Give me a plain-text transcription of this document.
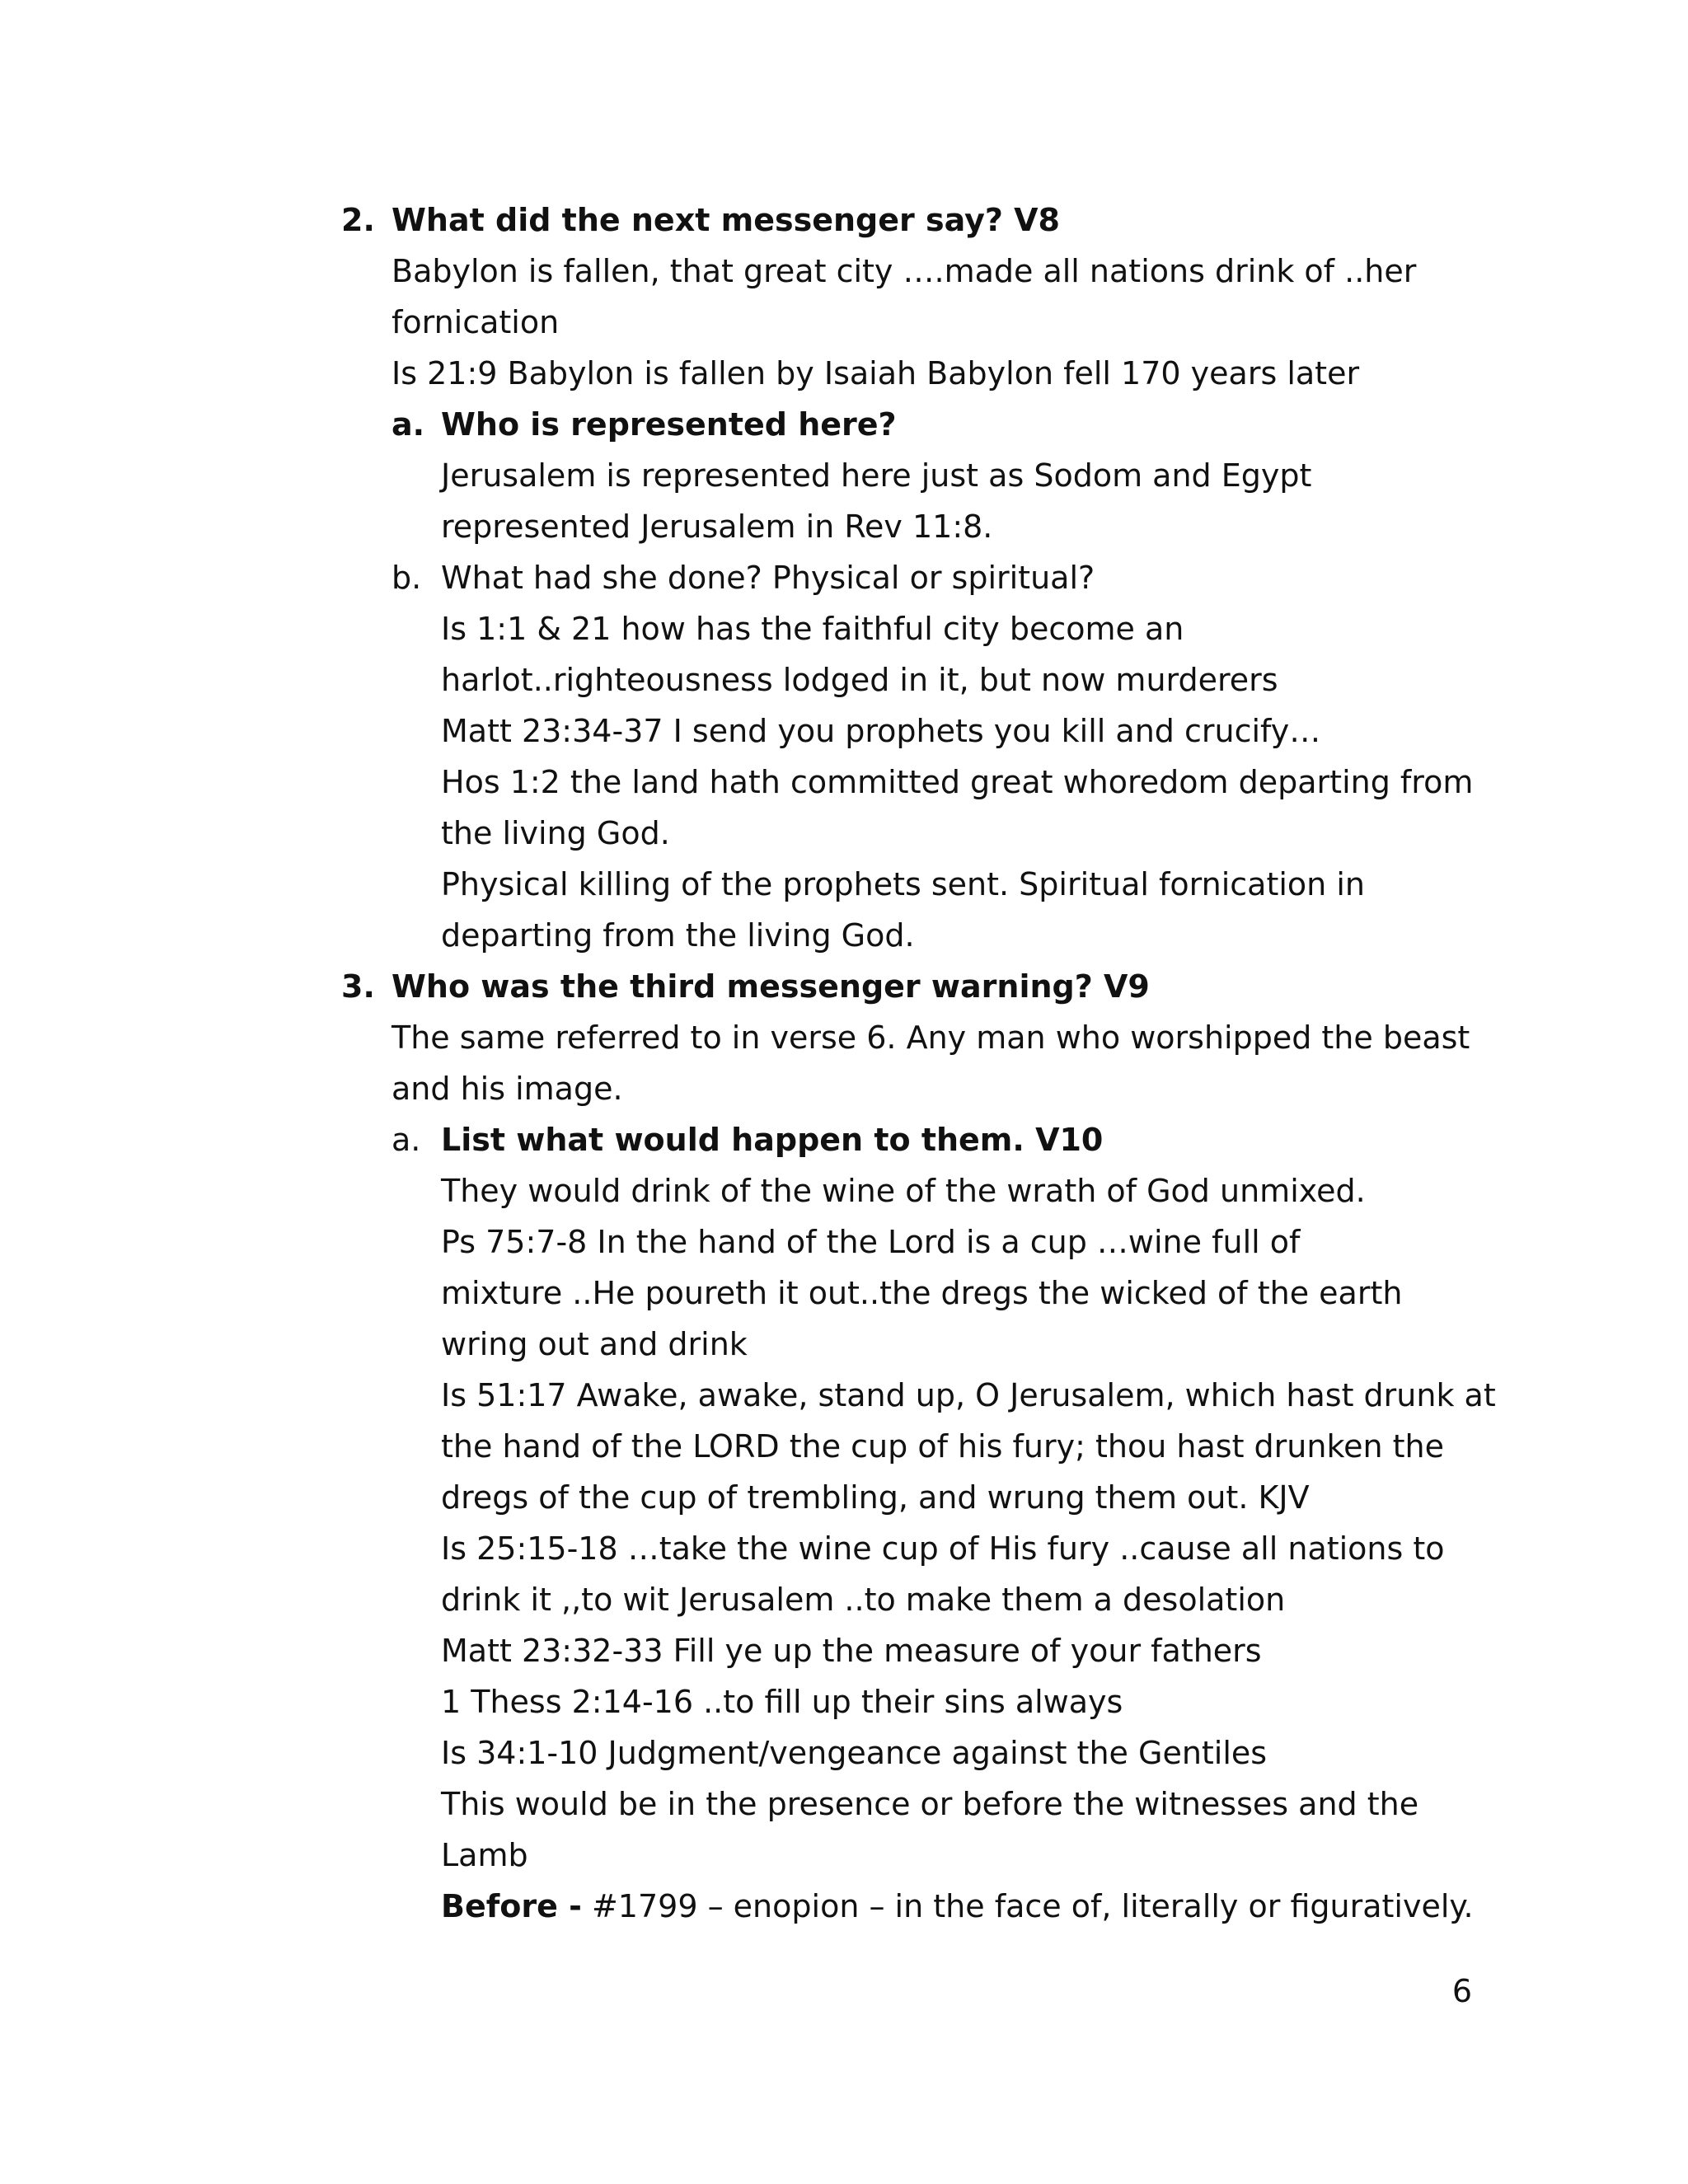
2. What did the next messenger say? V8

Babylon is fallen, that great city ….made all nations drink of ..her

fornication

Is 21:9 Babylon is fallen by Isaiah Babylon fell 170 years later

a. Who is represented here?

Jerusalem is represented here just as Sodom and Egypt

represented Jerusalem in Rev 11:8.

b. What had she done? Physical or spiritual?

Is 1:1 & 21 how has the faithful city become an

harlot..righteousness lodged in it, but now murderers

Matt 23:34-37 I send you prophets you kill and crucify…

Hos 1:2 the land hath committed great whoredom departing from

the living God.

Physical killing of the prophets sent. Spiritual fornication in

departing from the living God.

3. Who was the third messenger warning? V9

The same referred to in verse 6. Any man who worshipped the beast

and his image.

a. List what would happen to them. V10

They would drink of the wine of the wrath of God unmixed.

Ps 75:7-8 In the hand of the Lord is a cup …wine full of

mixture ..He poureth it out..the dregs the wicked of the earth

wring out and drink

Is 51:17 Awake, awake, stand up, O Jerusalem, which hast drunk at

the hand of the LORD the cup of his fury; thou hast drunken the

dregs of the cup of trembling, and wrung them out. KJV

Is 25:15-18 …take the wine cup of His fury ..cause all nations to

drink it ,,to wit Jerusalem ..to make them a desolation

Matt 23:32-33 Fill ye up the measure of your fathers

1 Thess 2:14-16 ..to fill up their sins always

Is 34:1-10 Judgment/vengeance against the Gentiles

This would be in the presence or before the witnesses and the

Lamb

Before - #1799 – enopion – in the face of, literally or figuratively.

6
